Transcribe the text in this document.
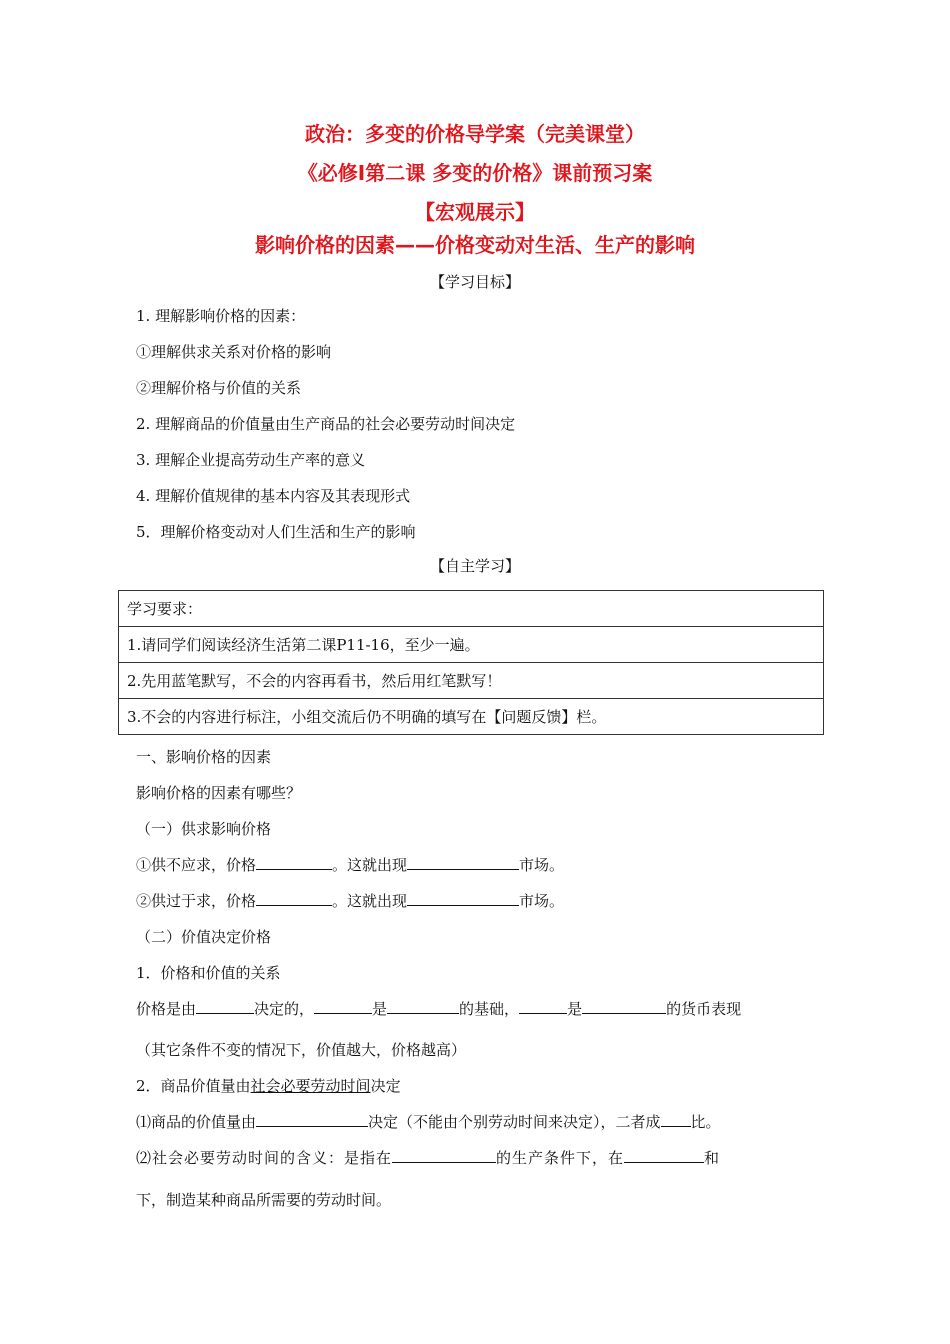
政治：多变的价格导学案（完美课堂）
《必修Ⅰ第二课 多变的价格》课前预习案
【宏观展示】
影响价格的因素——价格变动对生活、生产的影响
【学习目标】
1. 理解影响价格的因素：
①理解供求关系对价格的影响
②理解价格与价值的关系
2. 理解商品的价值量由生产商品的社会必要劳动时间决定
3. 理解企业提高劳动生产率的意义
4. 理解价值规律的基本内容及其表现形式
5．理解价格变动对人们生活和生产的影响
【自主学习】
学习要求：
1.请同学们阅读经济生活第二课P11-16，至少一遍。
2.先用蓝笔默写，不会的内容再看书，然后用红笔默写！
3.不会的内容进行标注，小组交流后仍不明确的填写在【问题反馈】栏。
一、影响价格的因素
影响价格的因素有哪些？
（一）供求影响价格
①供不应求，价格	。这就出现	市场。
②供过于求，价格	。这就出现	市场。
（二）价值决定价格
1．价格和价值的关系
价格是由	决定的，	是	的基础，	是	的货币表现
（其它条件不变的情况下，价值越大，价格越高）
2．商品价值量由社会必要劳动时间决定
⑴商品的价值量由	决定（不能由个别劳动时间来决定），二者成 比。
⑵社会必要劳动时间的含义：是指在	的生产条件下，在	和
下，制造某种商品所需要的劳动时间。
